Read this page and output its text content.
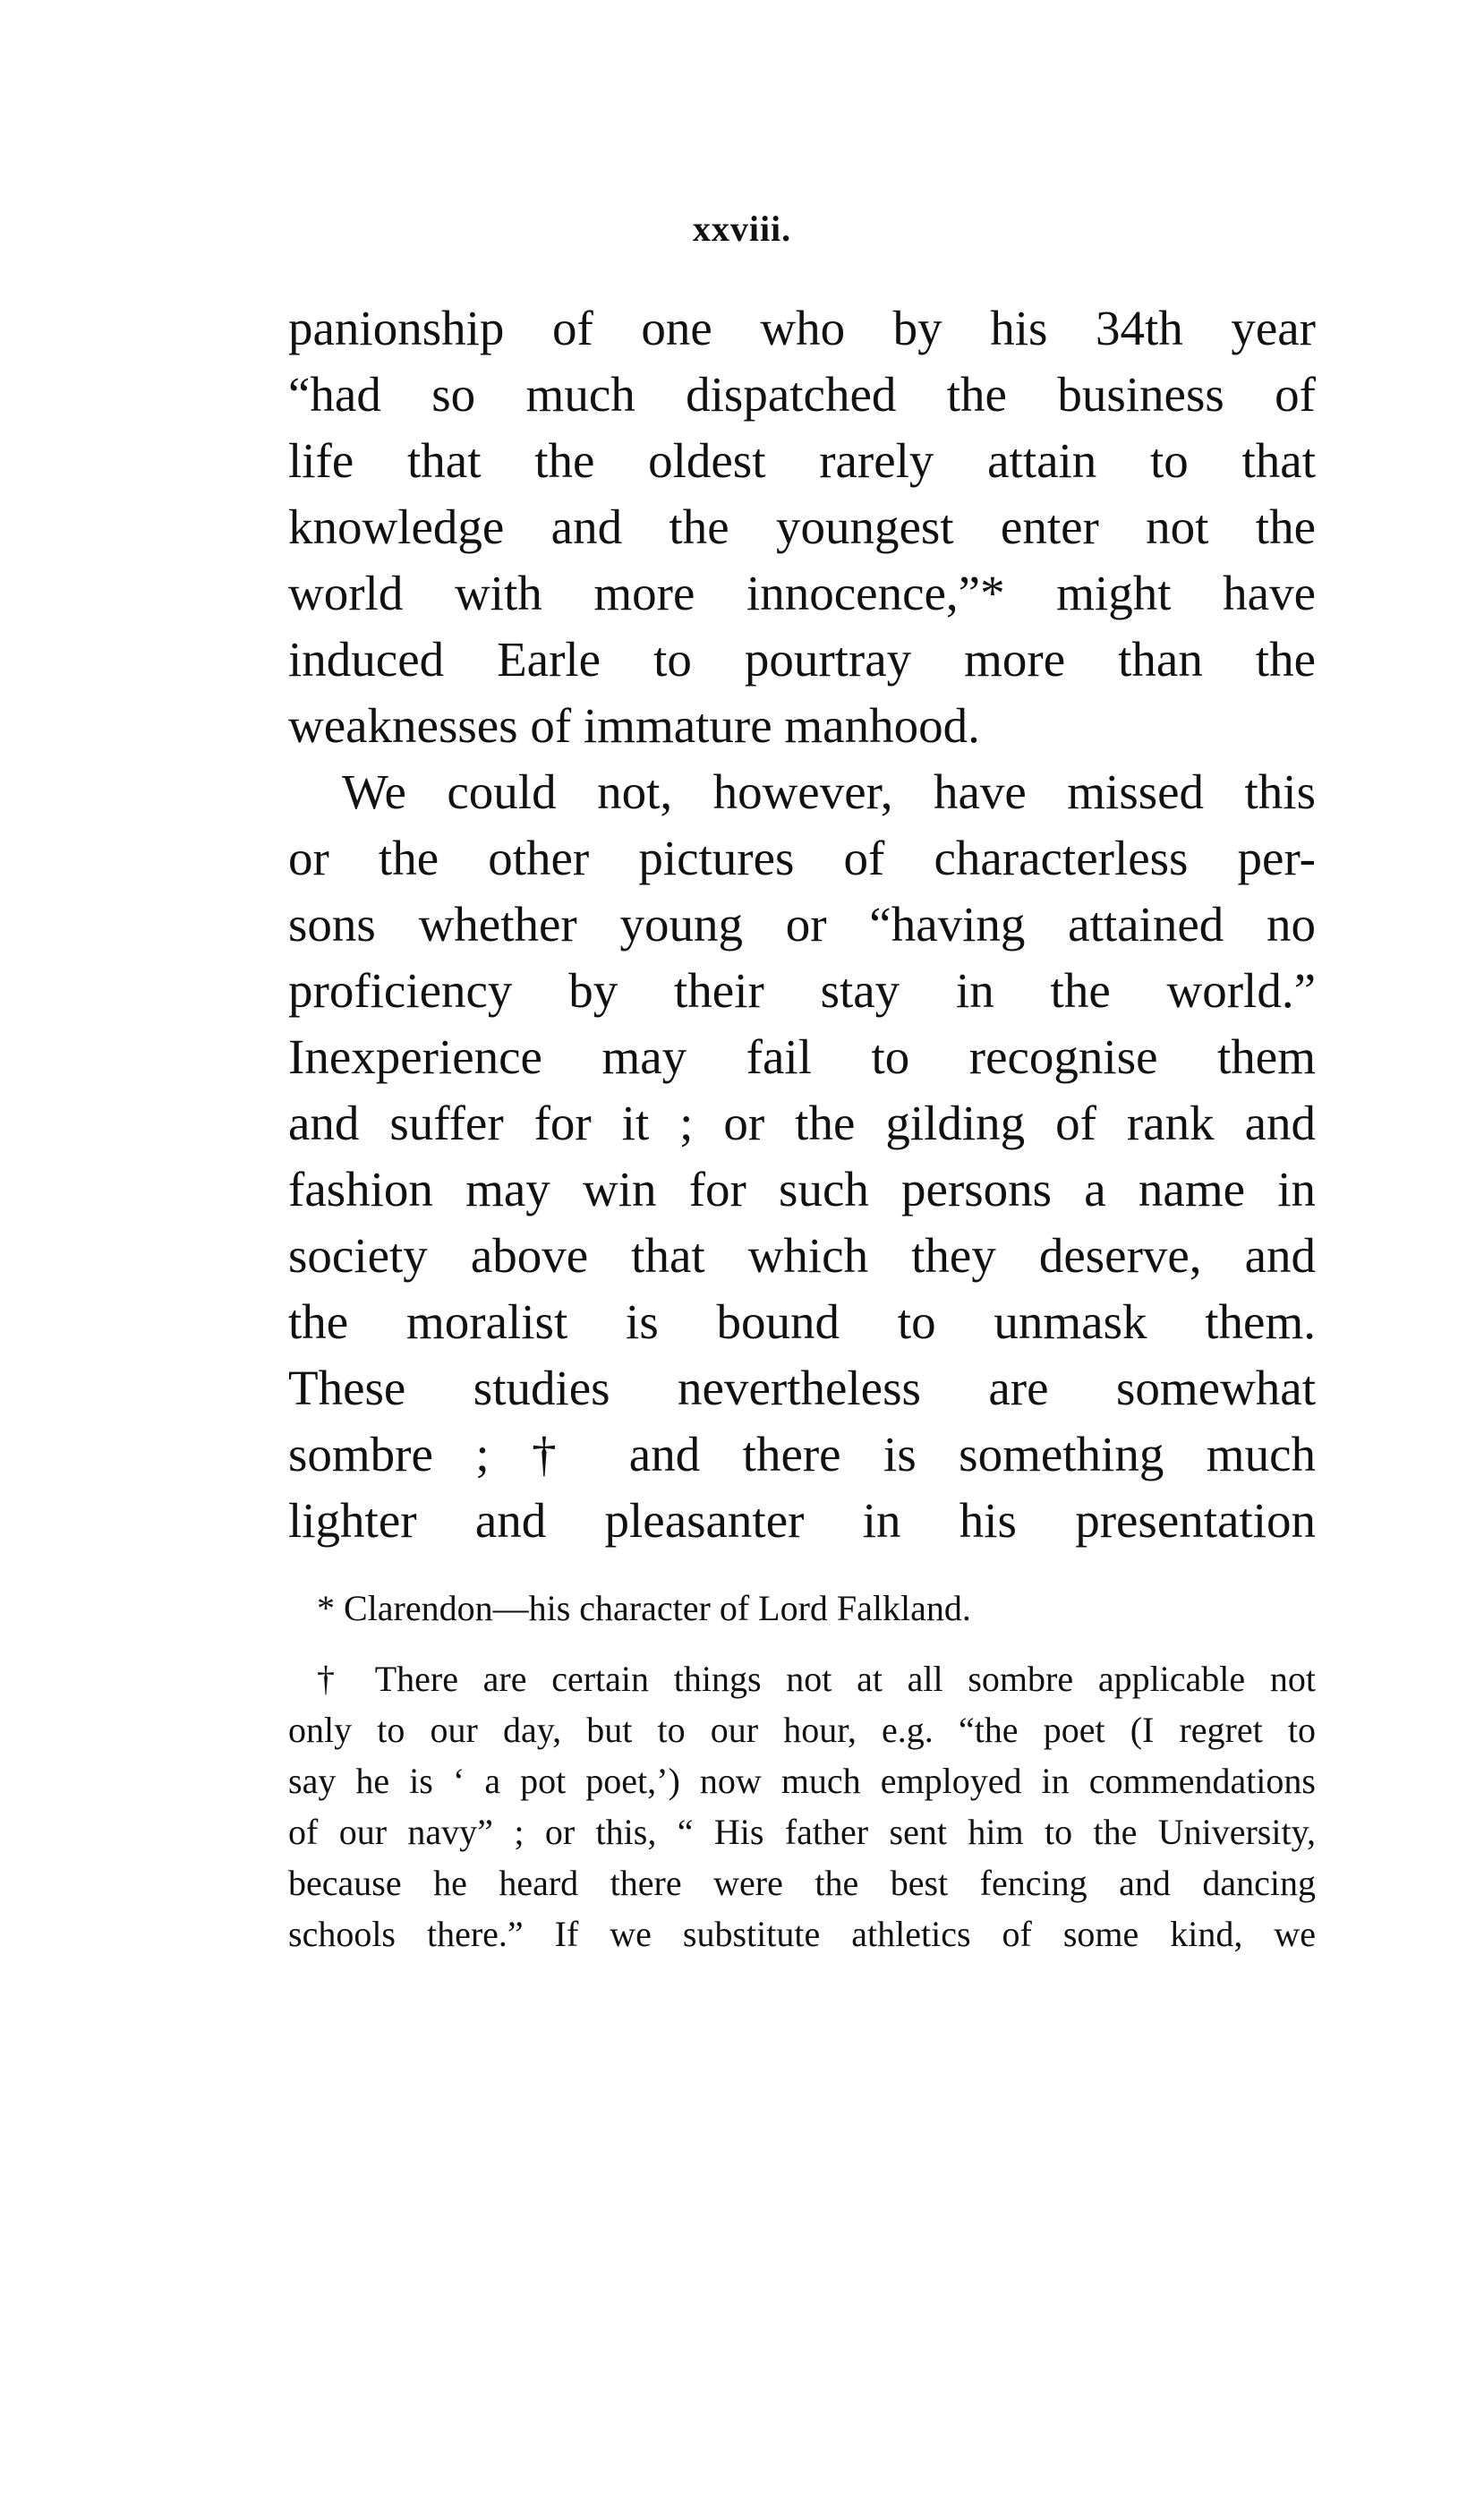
xxviii.
panionship of one who by his 34th year
“had so much dispatched the business of
life that the oldest rarely attain to that
knowledge and the youngest enter not the
world with more innocence,”* might have
induced Earle to pourtray more than the
weaknesses of immature manhood.
We could not, however, have missed this
or the other pictures of characterless per-
sons whether young or “having attained no
proficiency by their stay in the world.”
Inexperience may fail to recognise them
and suffer for it ; or the gilding of rank and
fashion may win for such persons a name in
society above that which they deserve, and
the moralist is bound to unmask them.
These studies nevertheless are somewhat
sombre ; † and there is something much
lighter and pleasanter in his presentation
* Clarendon—his character of Lord Falkland.
† There are certain things not at all sombre applicable not
only to our day, but to our hour, e.g. “the poet (I regret to
say he is ‘ a pot poet,’) now much employed in commendations
of our navy” ; or this, “ His father sent him to the University,
because he heard there were the best fencing and dancing
schools there.” If we substitute athletics of some kind, we
